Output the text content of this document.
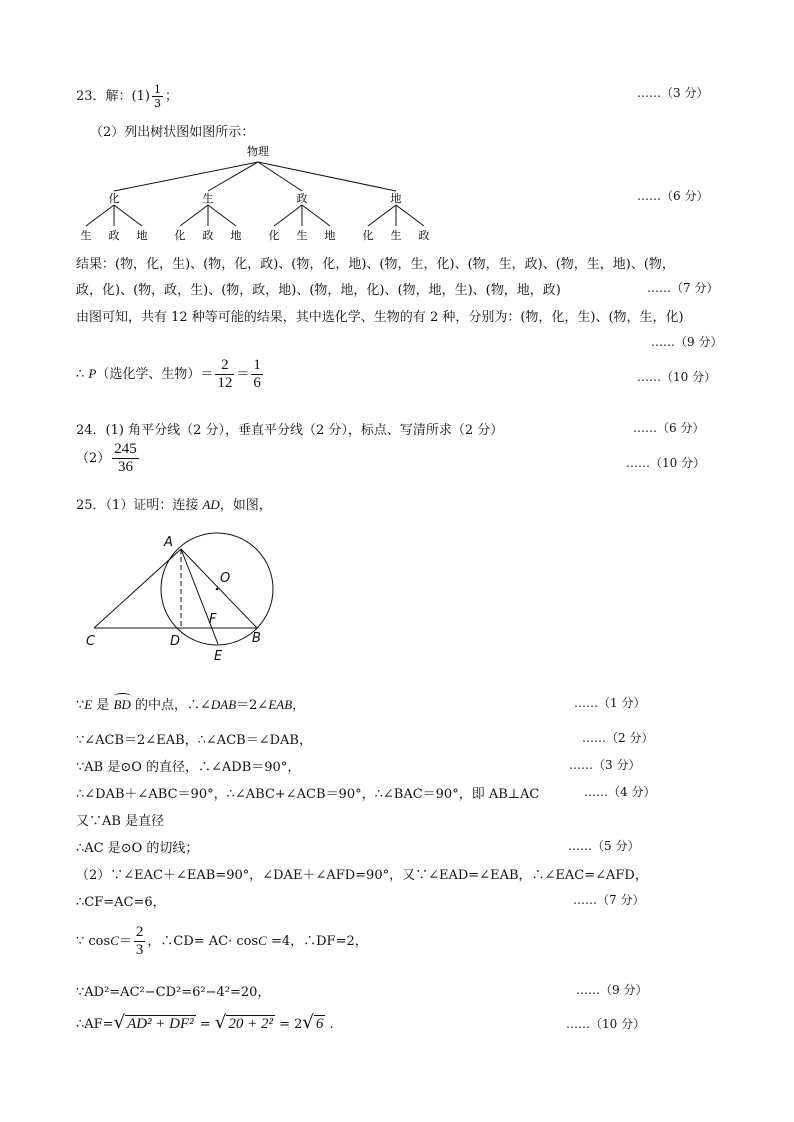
23．解：$(1) \frac{1}{3}$ ；	……（3 分）
（2）列出树状图如图所示：
物理
化
生 政 地
生
化 政 地
政
化 生 地
地
化 生 政
……（6 分）
结果：(物，化，生)、(物，化，政)、(物，化，地)、(物，生，化)、(物，生，政)、(物，生，地)、(物，
政，化)、(物，政，生)、(物，政，地)、(物，地，化)、(物，地，生)、(物，地，政)	……（7 分）
由图可知，共有 12 种等可能的结果，其中选化学、生物的有 2 种，分别为：(物，化，生)、(物，生，化)
……（9 分）
∴ P（选化学、生物）＝ $\frac{2}{12} = \frac{1}{6}$	……（10 分）
24．(1) 角平分线（2 分），垂直平分线（2 分），标点、写清所求（2 分）	……（6 分）
$(2) \frac{245}{36}$	……（10 分）
25．（1）证明：连接 AD，如图，
A
O
F
C	D	B
E
∵E 是 BD 的中点，∴∠DAB＝2∠EAB，	……（1 分）
∵∠ACB＝2∠EAB，∴∠ACB＝∠DAB，	……（2 分）
∵AB 是⊙O 的直径，∴∠ADB＝90°，	……（3 分）
∴∠DAB＋∠ABC＝90°，∴∠ABC+∠ACB＝90°，∴∠BAC＝90°，即 AB⊥AC	……（4 分）
又∵AB 是直径
∴AC 是⊙O 的切线；	……（5 分）
（2）∵∠EAC＋∠EAB=90°，∠DAE＋∠AFD=90°，又∵∠EAD=∠EAB，∴∠EAC=∠AFD，
∴CF=AC=6，	……（7 分）
∵ $\cos C= \frac{2}{3}$ ，∴CD= AC· cosC =4，∴DF=2，
∵AD²=AC²−CD²=6²−4²=20，	……（9 分）
∴AF=√ AD² + DF² = √ 20 + 2² = 2√ 6 .	……（10 分）
